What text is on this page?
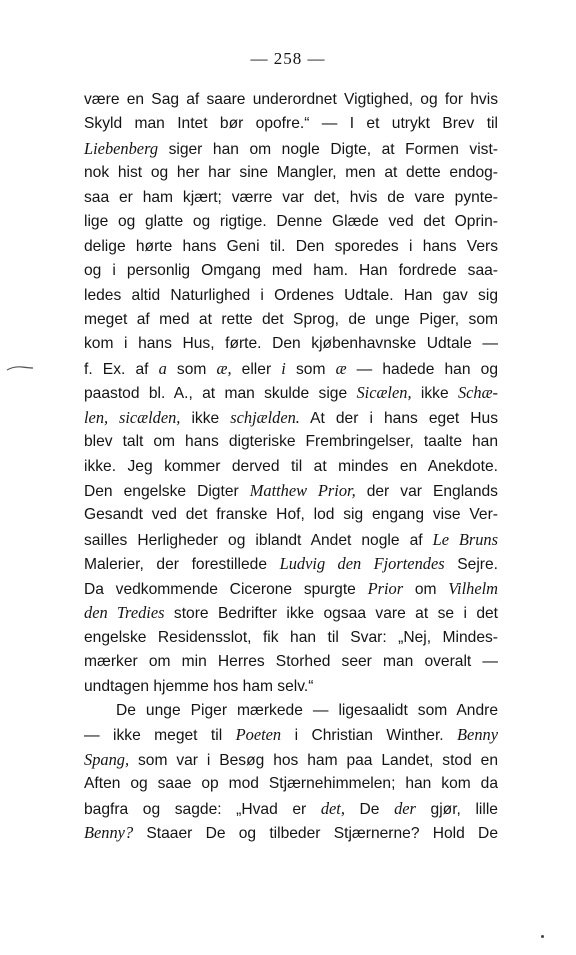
— 258 —
være en Sag af saare underordnet Vigtighed, og for hvis
Skyld man Intet bør opofre.“ — I et utrykt Brev til
Liebenberg siger han om nogle Digte, at Formen vist-
nok hist og her har sine Mangler, men at dette endog-
saa er ham kjært; værre var det, hvis de vare pynte-
lige og glatte og rigtige. Denne Glæde ved det Oprin-
delige hørte hans Geni til. Den sporedes i hans Vers
og i personlig Omgang med ham. Han fordrede saa-
ledes altid Naturlighed i Ordenes Udtale. Han gav sig
meget af med at rette det Sprog, de unge Piger, som
kom i hans Hus, førte. Den kjøbenhavnske Udtale —
f. Ex. af a som æ, eller i som æ — hadede han og
paastod bl. A., at man skulde sige Sicælen, ikke Schæ-
len, sicælden, ikke schjælden. At der i hans eget Hus
blev talt om hans digteriske Frembringelser, taalte han
ikke. Jeg kommer derved til at mindes en Anekdote.
Den engelske Digter Matthew Prior, der var Englands
Gesandt ved det franske Hof, lod sig engang vise Ver-
sailles Herligheder og iblandt Andet nogle af Le Bruns
Malerier, der forestillede Ludvig den Fjortendes Sejre.
Da vedkommende Cicerone spurgte Prior om Vilhelm
den Tredies store Bedrifter ikke ogsaa vare at se i det
engelske Residensslot, fik han til Svar: „Nej, Mindes-
mærker om min Herres Storhed seer man overalt —
undtagen hjemme hos ham selv.“
De unge Piger mærkede — ligesaalidt som Andre
— ikke meget til Poeten i Christian Winther. Benny
Spang, som var i Besøg hos ham paa Landet, stod en
Aften og saae op mod Stjærnehimmelen; han kom da
bagfra og sagde: „Hvad er det, De der gjør, lille
Benny? Staaer De og tilbeder Stjærnerne? Hold De
